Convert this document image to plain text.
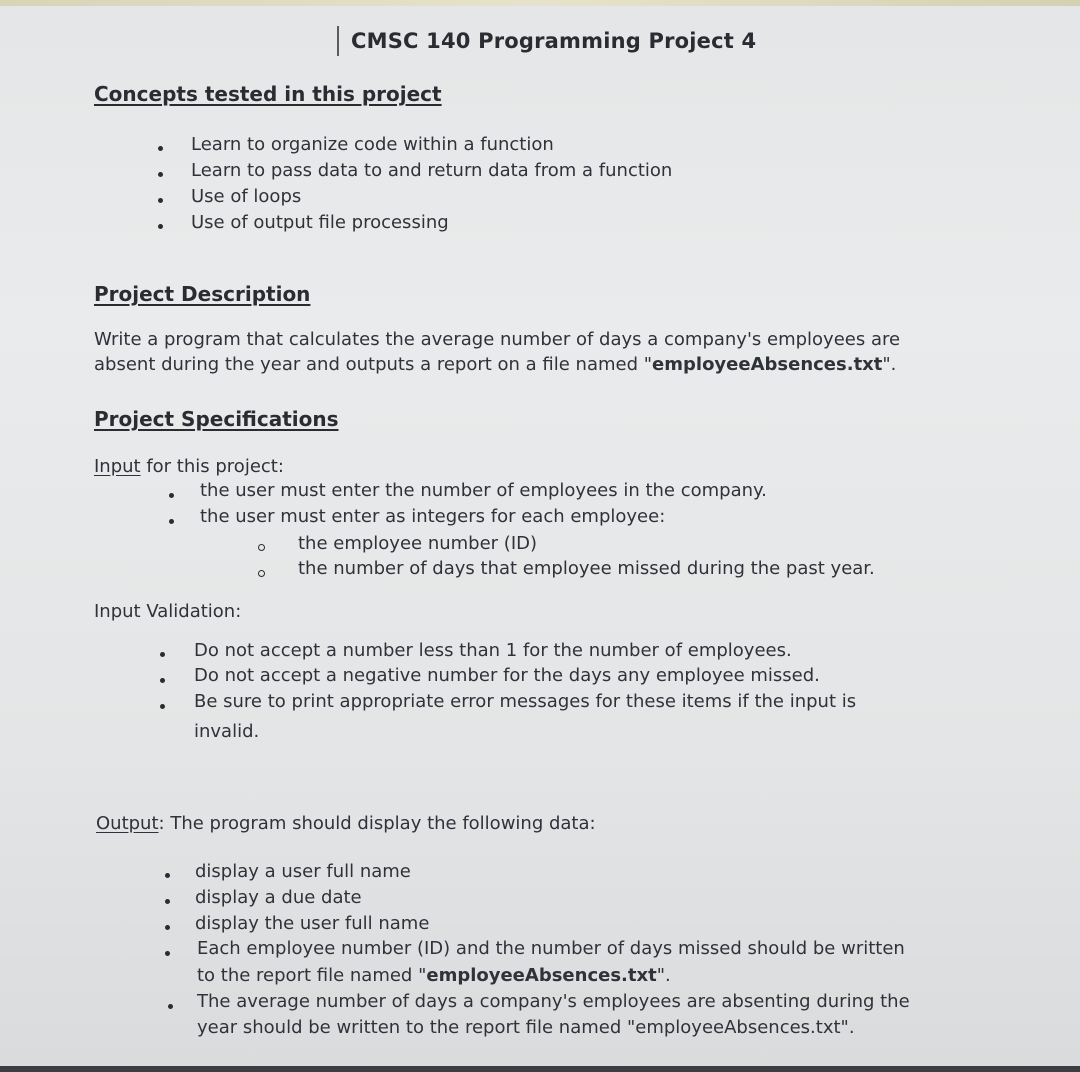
CMSC 140 Programming Project 4
Concepts tested in this project
Learn to organize code within a function
Learn to pass data to and return data from a function
Use of loops
Use of output file processing
Project Description
Write a program that calculates the average number of days a company's employees are
absent during the year and outputs a report on a file named "employeeAbsences.txt".
Project Specifications
Input for this project:
the user must enter the number of employees in the company.
the user must enter as integers for each employee:
the employee number (ID)
the number of days that employee missed during the past year.
Input Validation:
Do not accept a number less than 1 for the number of employees.
Do not accept a negative number for the days any employee missed.
Be sure to print appropriate error messages for these items if the input is
invalid.
Output: The program should display the following data:
display a user full name
display a due date
display the user full name
Each employee number (ID) and the number of days missed should be written
to the report file named "employeeAbsences.txt".
The average number of days a company's employees are absenting during the
year should be written to the report file named "employeeAbsences.txt".
